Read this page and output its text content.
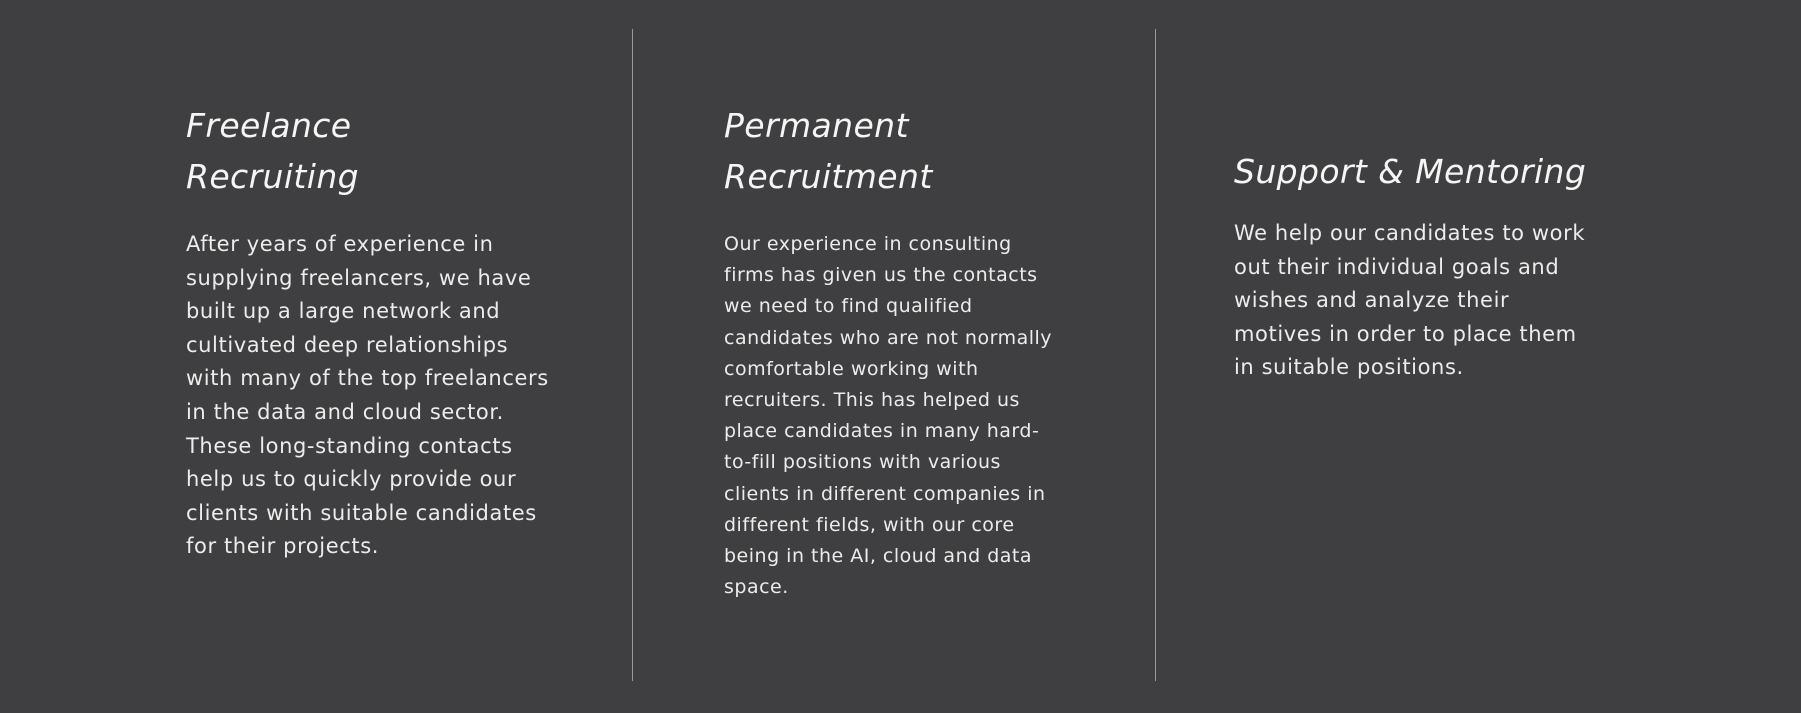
Freelance
Recruiting

After years of experience in
supplying freelancers, we have
built up a large network and
cultivated deep relationships
with many of the top freelancers
in the data and cloud sector.
These long-standing contacts
help us to quickly provide our
clients with suitable candidates
for their projects.

Permanent
Recruitment

Our experience in consulting
firms has given us the contacts
we need to find qualified
candidates who are not normally
comfortable working with
recruiters. This has helped us
place candidates in many hard-
to-fill positions with various
clients in different companies in
different fields, with our core
being in the AI, cloud and data
space.

Support & Mentoring

We help our candidates to work
out their individual goals and
wishes and analyze their
motives in order to place them
in suitable positions.
